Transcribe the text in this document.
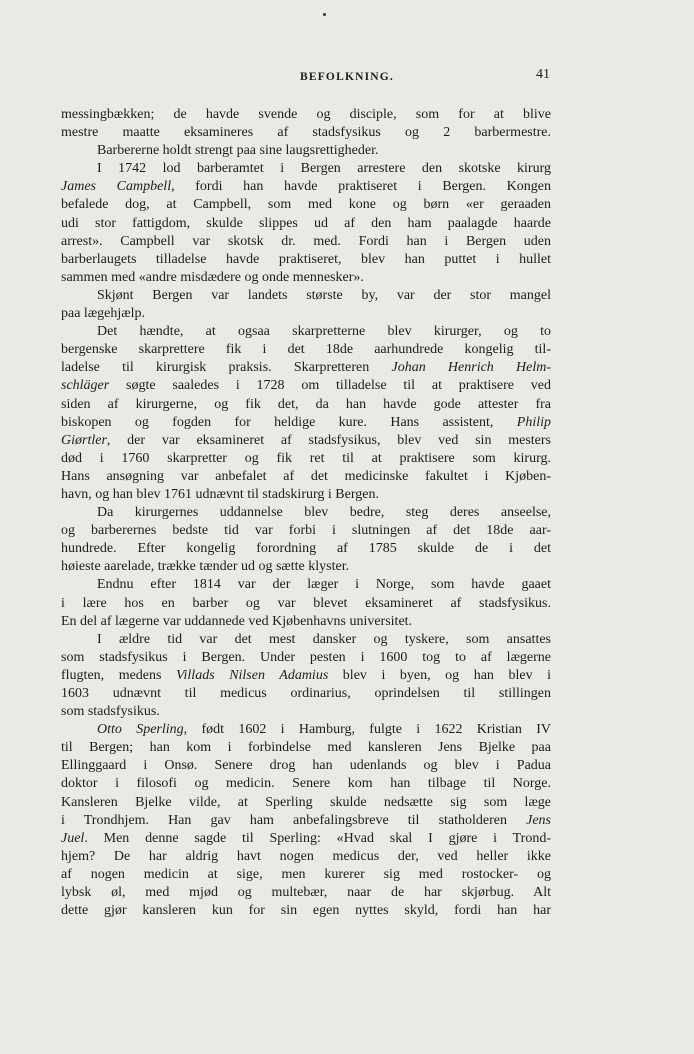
BEFOLKNING.	41
messingbækken; de havde svende og disciple, som for at blive
mestre maatte eksamineres af stadsfysikus og 2 barbermestre.
Barbererne holdt strengt paa sine laugsrettigheder.
I 1742 lod barberamtet i Bergen arrestere den skotske kirurg
James Campbell, fordi han havde praktiseret i Bergen. Kongen
befalede dog, at Campbell, som med kone og børn «er geraaden
udi stor fattigdom, skulde slippes ud af den ham paalagde haarde
arrest». Campbell var skotsk dr. med. Fordi han i Bergen uden
barberlaugets tilladelse havde praktiseret, blev han puttet i hullet
sammen med «andre misdædere og onde mennesker».
Skjønt Bergen var landets største by, var der stor mangel
paa lægehjælp.
Det hændte, at ogsaa skarpretterne blev kirurger, og to
bergenske skarprettere fik i det 18de aarhundrede kongelig til-
ladelse til kirurgisk praksis. Skarpretteren Johan Henrich Helm-
schläger søgte saaledes i 1728 om tilladelse til at praktisere ved
siden af kirurgerne, og fik det, da han havde gode attester fra
biskopen og fogden for heldige kure. Hans assistent, Philip
Giørtler, der var eksamineret af stadsfysikus, blev ved sin mesters
død i 1760 skarpretter og fik ret til at praktisere som kirurg.
Hans ansøgning var anbefalet af det medicinske fakultet i Kjøben-
havn, og han blev 1761 udnævnt til stadskirurg i Bergen.
Da kirurgernes uddannelse blev bedre, steg deres anseelse,
og barberernes bedste tid var forbi i slutningen af det 18de aar-
hundrede. Efter kongelig forordning af 1785 skulde de i det
høieste aarelade, trække tænder ud og sætte klyster.
Endnu efter 1814 var der læger i Norge, som havde gaaet
i lære hos en barber og var blevet eksamineret af stadsfysikus.
En del af lægerne var uddannede ved Kjøbenhavns universitet.
I ældre tid var det mest dansker og tyskere, som ansattes
som stadsfysikus i Bergen. Under pesten i 1600 tog to af lægerne
flugten, medens Villads Nilsen Adamius blev i byen, og han blev i
1603 udnævnt til medicus ordinarius, oprindelsen til stillingen
som stadsfysikus.
Otto Sperling, født 1602 i Hamburg, fulgte i 1622 Kristian IV
til Bergen; han kom i forbindelse med kansleren Jens Bjelke paa
Ellinggaard i Onsø. Senere drog han udenlands og blev i Padua
doktor i filosofi og medicin. Senere kom han tilbage til Norge.
Kansleren Bjelke vilde, at Sperling skulde nedsætte sig som læge
i Trondhjem. Han gav ham anbefalingsbreve til statholderen Jens
Juel. Men denne sagde til Sperling: «Hvad skal I gjøre i Trond-
hjem? De har aldrig havt nogen medicus der, ved heller ikke
af nogen medicin at sige, men kurerer sig med rostocker- og
lybsk øl, med mjød og multebær, naar de har skjørbug. Alt
dette gjør kansleren kun for sin egen nyttes skyld, fordi han har
